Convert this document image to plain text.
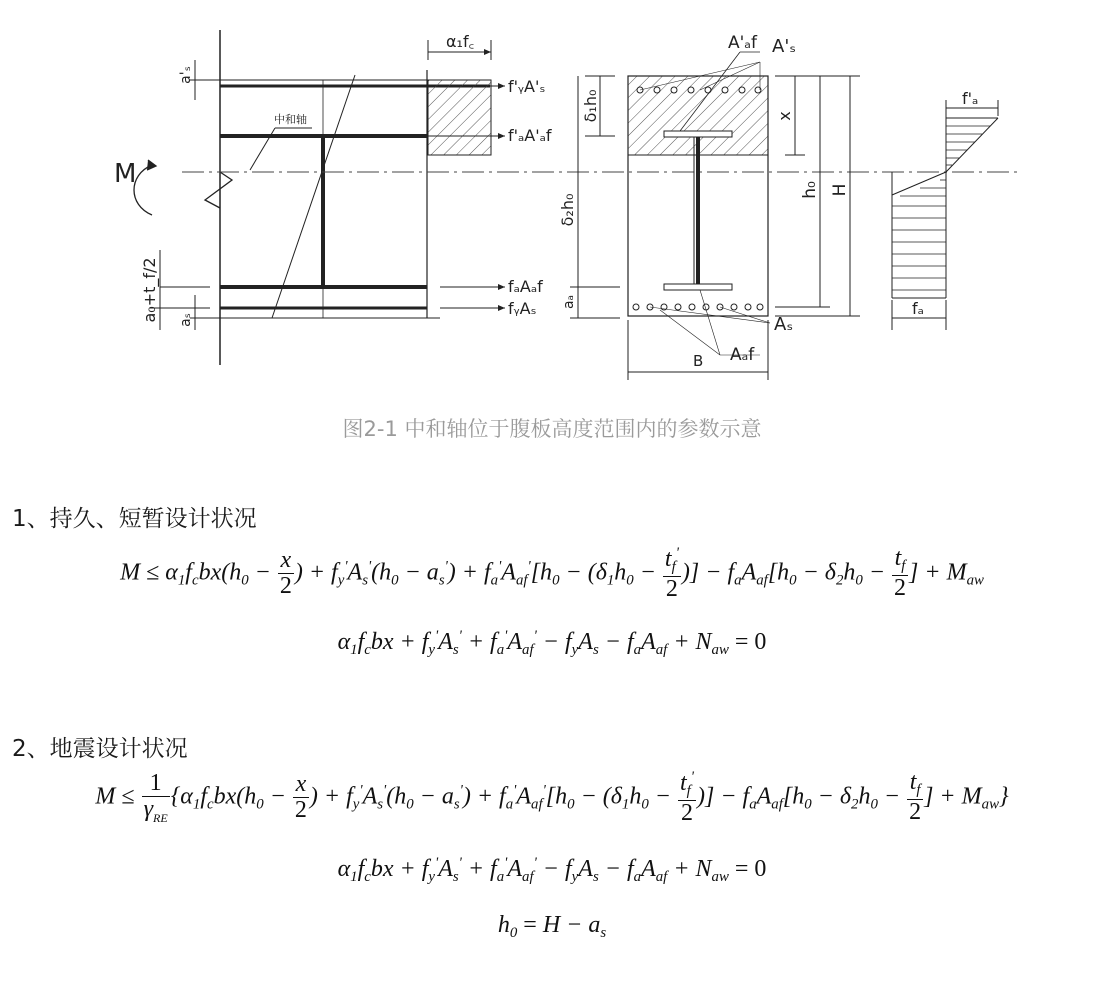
中和轴
M
α₁f꜀
f'ᵧA'ₛ
f'ₐA'ₐf
fₐAₐf
fᵧAₛ
a'ₛ
a₀+t_f/2 aₛ
A'ₐf A'ₛ
δ₁h₀
δ₂h₀
aₐ
x
h₀ H
Aₛ
Aₐf
B
f'ₐ
fₐ
图2-1 中和轴位于腹板高度范围内的参数示意
1、持久、短暂设计状况
$M \le \alpha_1f_cbx(h_0 - \frac{x}{2}$ ) + $f_y'A_s'(h_0 - a_s') + f_a'A_{af}'[h_0 - (\delta_1h_0 - \frac{t_f'}{2}$ )] − $f_aA_{af}[h_0 - \delta_2h_0 - \frac{t_f}{2}$ ] + $M_{aw}$
$\alpha_1f_cbx + f_y'A_s' + f_a'A_{af}' - f_yA_s - f_aA_{af} + N_{aw} = 0$
2、地震设计状况
$M \le \frac{1}{\gamma_{RE}} \{\alpha_1f_cbx(h_0 - \frac{x}{2}$ ) + $f_y'A_s'(h_0 - a_s') + f_a'A_{af}'[h_0 - (\delta_1h_0 - \frac{t_f'}{2}$ )] − $f_aA_{af}[h_0 - \delta_2h_0 - \frac{t_f}{2}$ ] + $M_{aw}$}
$\alpha_1f_cbx + f_y'A_s' + f_a'A_{af}' - f_yA_s - f_aA_{af} + N_{aw} = 0$
$h_0 = H - a_s$
